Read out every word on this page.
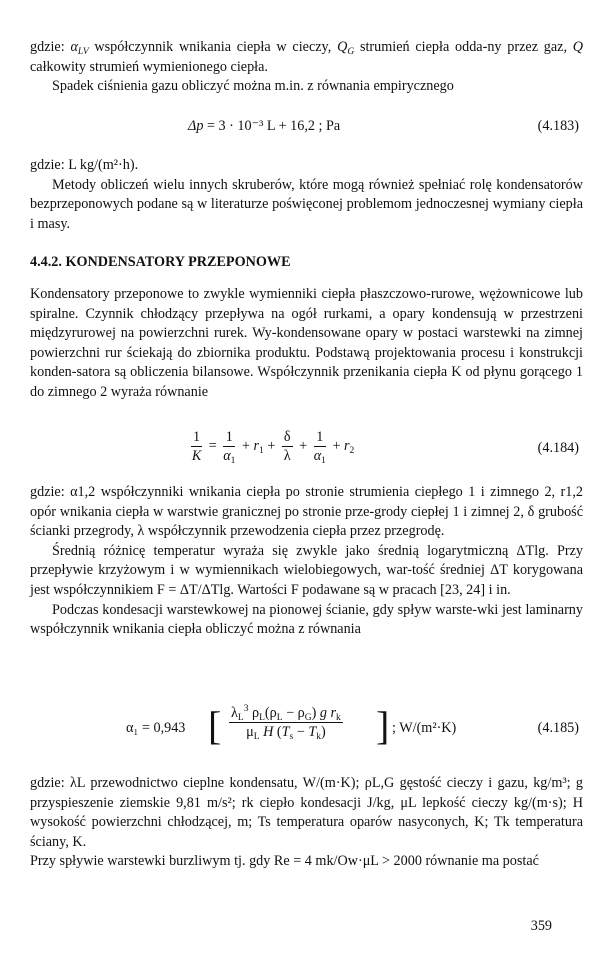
gdzie: $\alpha_{LV}$ współczynnik wnikania ciepła w cieczy, $Q_G$ strumień ciepła odda-ny przez gaz, Q całkowity strumień wymienionego ciepła.

Spadek ciśnienia gazu obliczyć można m.in. z równania empirycznego

Δp = 3 · 10⁻³ L + 16,2 ; Pa	(4.183)

gdzie: L kg/(m²·h).

Metody obliczeń wielu innych skruberów, które mogą również spełniać rolę kondensatorów bezprzeponowych podane są w literaturze poświęconej problemom jednoczesnej wymiany ciepła i masy.

4.4.2. KONDENSATORY PRZEPONOWE

Kondensatory przeponowe to zwykle wymienniki ciepła płaszczowo-rurowe, wężownicowe lub spiralne. Czynnik chłodzący przepływa na ogół rurkami, a opary kondensują w przestrzeni międzyrurowej na powierzchni rurek. Wy-kondensowane opary w postaci warstewki na zimnej powierzchni rur ściekają do zbiornika produktu. Podstawą projektowania procesu i konstrukcji konden-satora są obliczenia bilansowe. Współczynnik przenikania ciepła K od płynu gorącego 1 do zimnego 2 wyraża równanie

$\frac{1}{K} = \frac{1}{\alpha_1} + r_1 + \frac{\delta}{\lambda} + \frac{1}{\alpha_1} + r_2$	(4.184)

gdzie: α1,2 współczynniki wnikania ciepła po stronie strumienia ciepłego 1 i zimnego 2, r1,2 opór wnikania ciepła w warstwie granicznej po stronie prze-grody ciepłej 1 i zimnej 2, δ grubość ścianki przegrody, λ współczynnik przewodzenia ciepła przez przegrodę.

Średnią różnicę temperatur wyraża się zwykle jako średnią logarytmiczną ΔTlg. Przy przepływie krzyżowym i w wymiennikach wielobiegowych, war-tość średniej ΔT korygowana jest współczynnikiem F = ΔT/ΔTlg. Wartości F podawane są w pracach [23, 24] i in.

Podczas kondesacji warstewkowej na pionowej ścianie, gdy spływ warste-wki jest laminarny współczynnik wnikania ciepła obliczyć można z równania

α₁ = 0,943 [ $\frac{\lambda_L^3 \rho_L(\rho_L - \rho_G) g r_k}{\mu_L H (T_s - T_k)}$ ] ; W/(m²·K)	(4.185)

gdzie: λL przewodnictwo cieplne kondensatu, W/(m·K); ρL,G gęstość cieczy i gazu, kg/m³; g przyspieszenie ziemskie 9,81 m/s²; rk ciepło kondesacji J/kg, μL lepkość cieczy kg/(m·s); H wysokość powierzchni chłodzącej, m; Ts temperatura oparów nasyconych, K; Tk temperatura ściany, K.

Przy spływie warstewki burzliwym tj. gdy Re = 4 mk/Ow·μL > 2000 równanie ma postać

359
